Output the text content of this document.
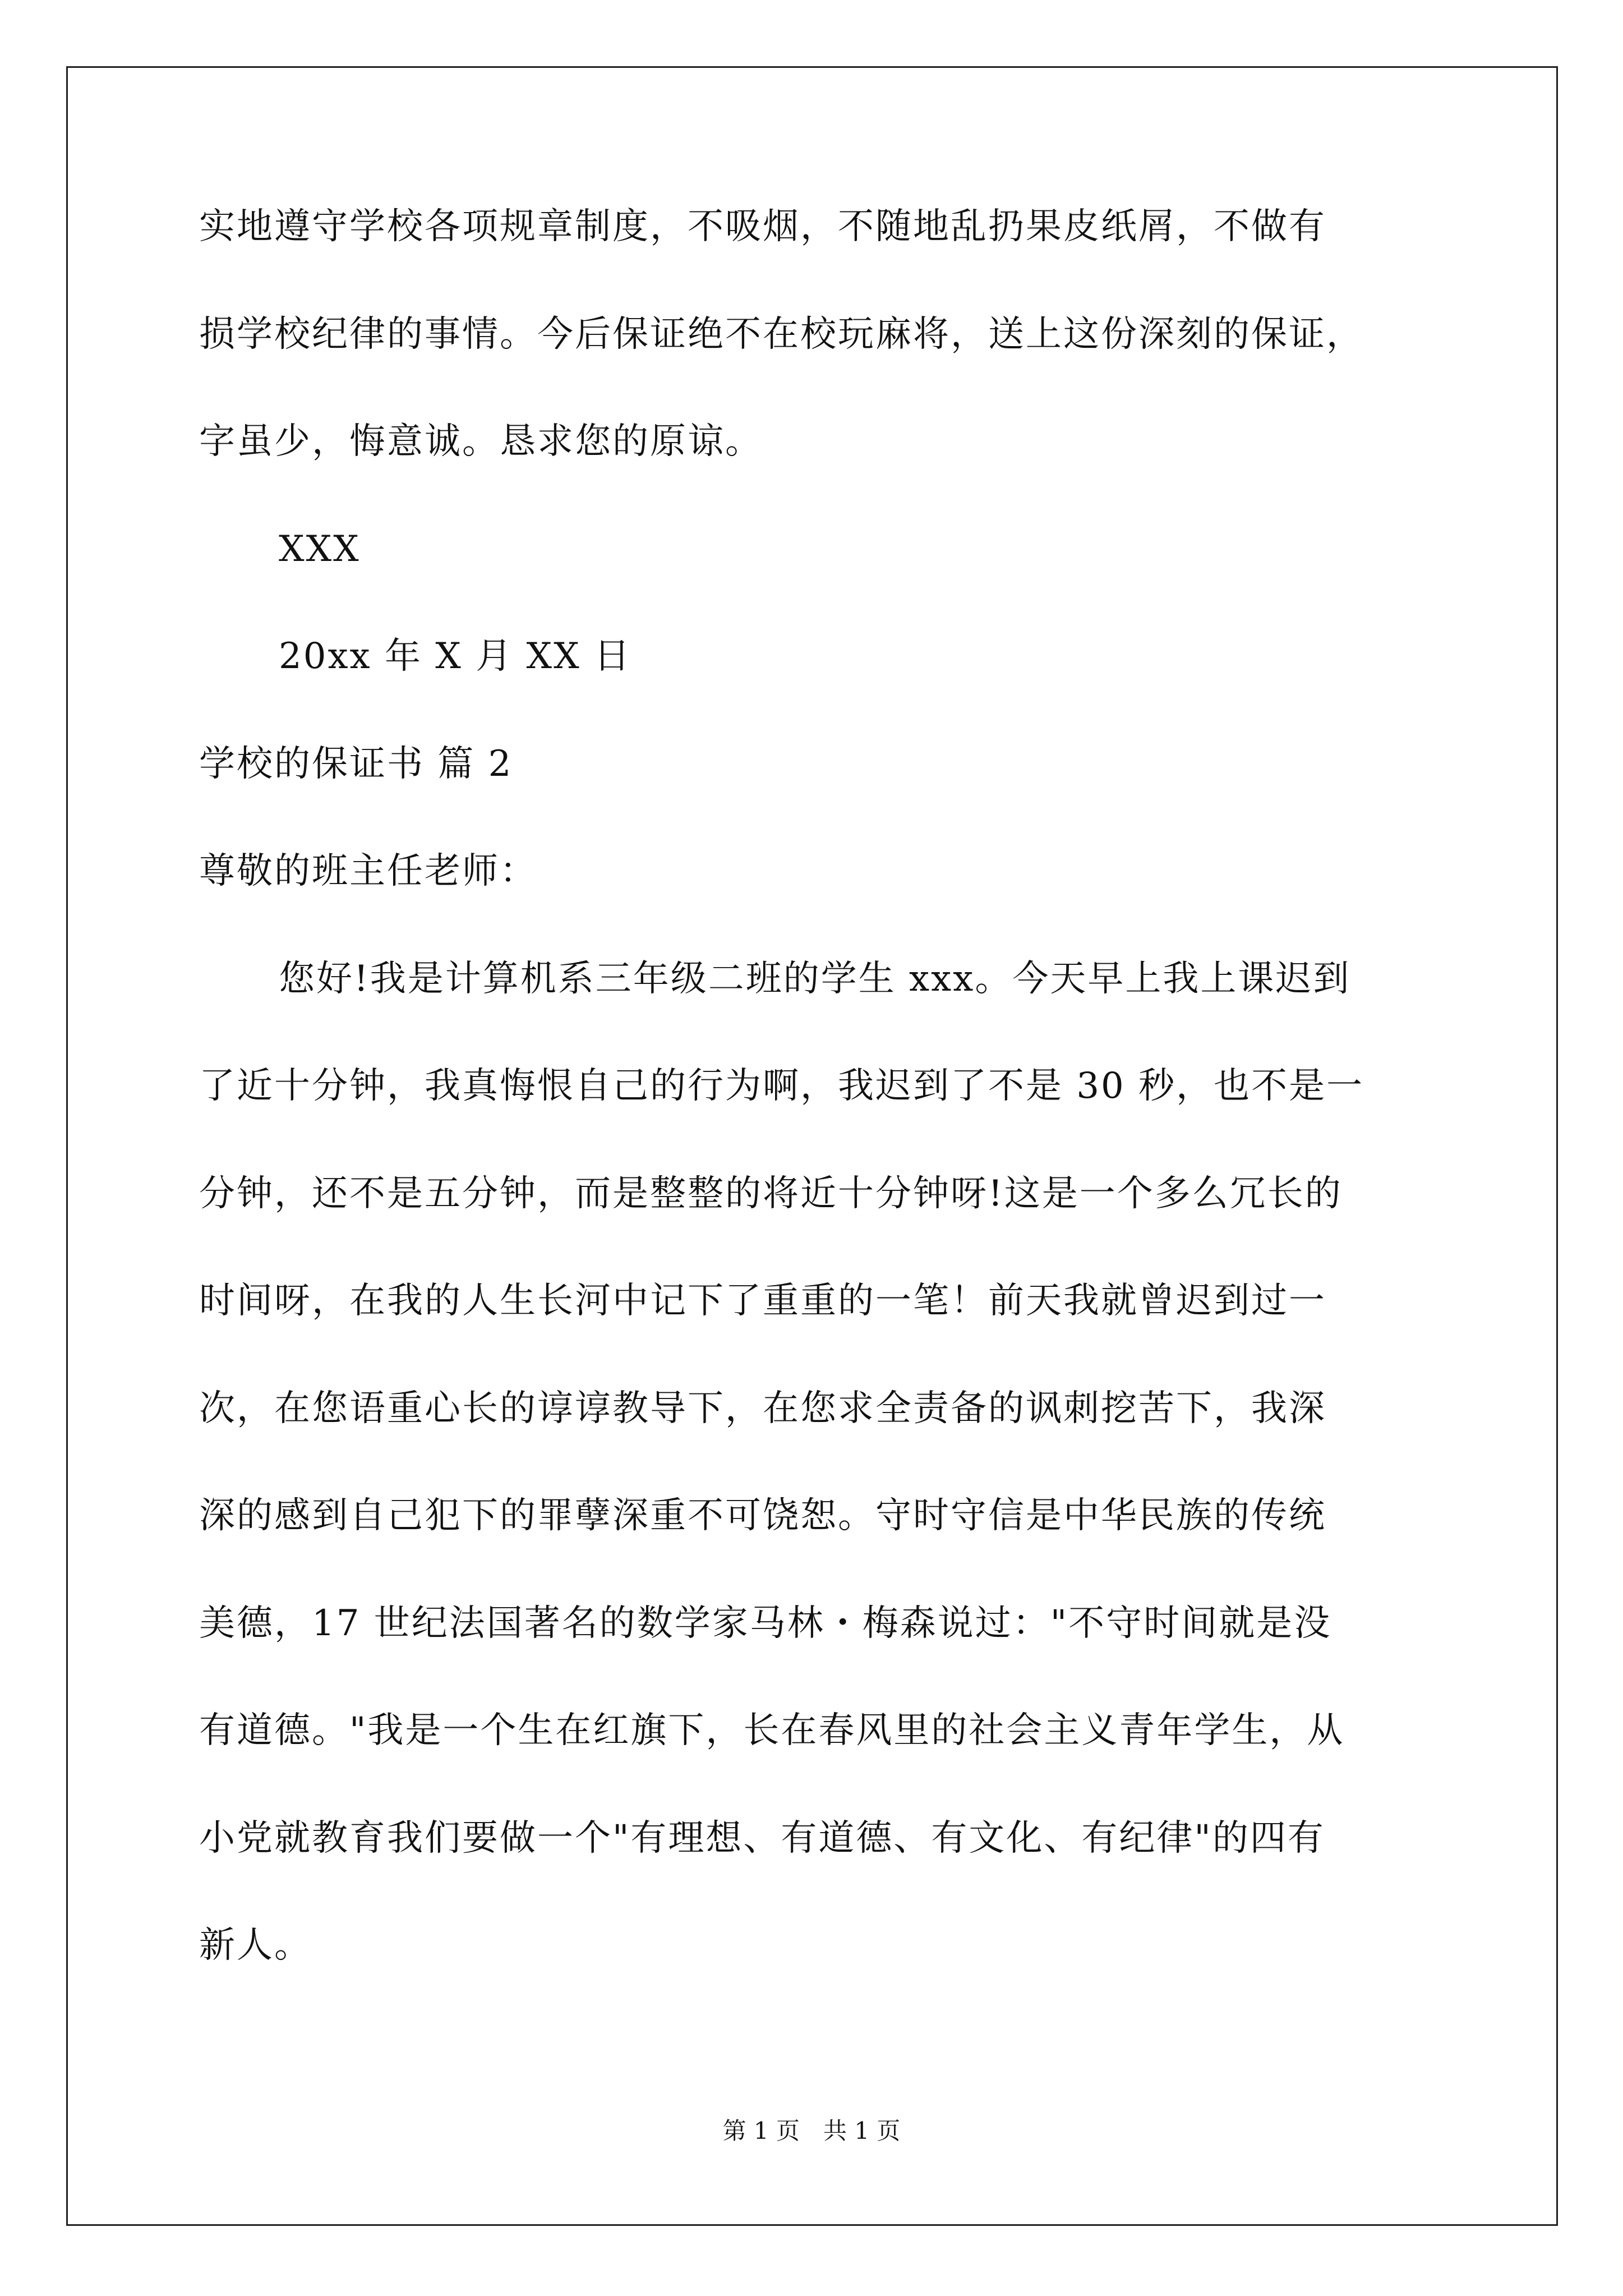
实地遵守学校各项规章制度，不吸烟，不随地乱扔果皮纸屑，不做有
损学校纪律的事情。今后保证绝不在校玩麻将，送上这份深刻的保证，
字虽少，悔意诚。恳求您的原谅。
XXX
20xx 年 X 月 XX 日
学校的保证书 篇 2
尊敬的班主任老师：
您好!我是计算机系三年级二班的学生 xxx。今天早上我上课迟到
了近十分钟，我真悔恨自己的行为啊，我迟到了不是 30 秒，也不是一
分钟，还不是五分钟，而是整整的将近十分钟呀!这是一个多么冗长的
时间呀，在我的人生长河中记下了重重的一笔！前天我就曾迟到过一
次，在您语重心长的谆谆教导下，在您求全责备的讽刺挖苦下，我深
深的感到自己犯下的罪孽深重不可饶恕。守时守信是中华民族的传统
美德，17 世纪法国著名的数学家马林・梅森说过："不守时间就是没
有道德。"我是一个生在红旗下，长在春风里的社会主义青年学生，从
小党就教育我们要做一个"有理想、有道德、有文化、有纪律"的四有
新人。
第 1 页　共 1 页
